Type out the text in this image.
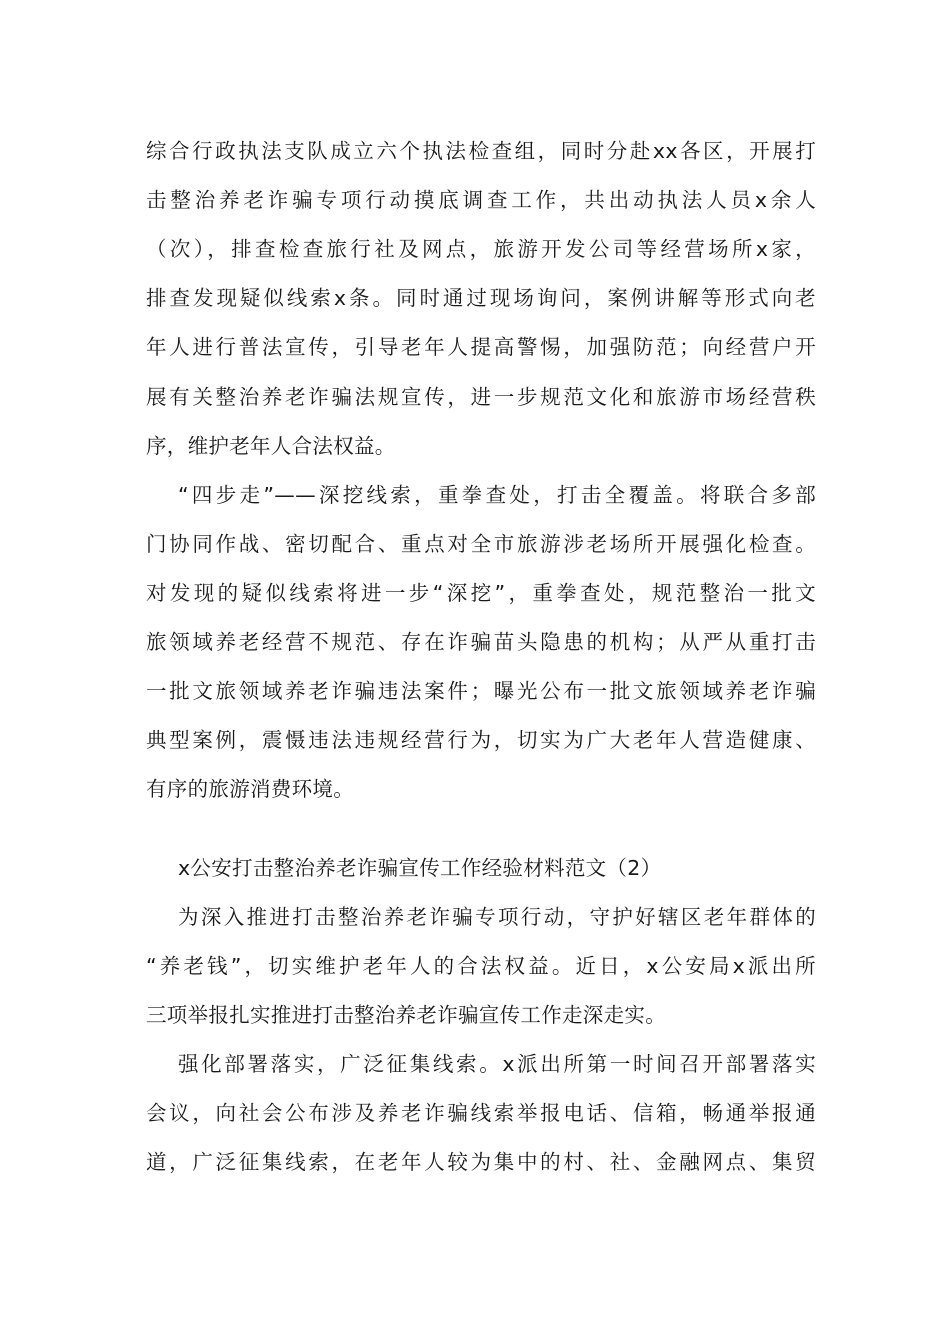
综合行政执法支队成立六个执法检查组，同时分赴xx各区，开展打
击整治养老诈骗专项行动摸底调查工作，共出动执法人员x余人
（次），排查检查旅行社及网点，旅游开发公司等经营场所x家，
排查发现疑似线索x条。同时通过现场询问，案例讲解等形式向老
年人进行普法宣传，引导老年人提高警惕，加强防范；向经营户开
展有关整治养老诈骗法规宣传，进一步规范文化和旅游市场经营秩
序，维护老年人合法权益。
“四步走”——深挖线索，重拳查处，打击全覆盖。将联合多部
门协同作战、密切配合、重点对全市旅游涉老场所开展强化检查。
对发现的疑似线索将进一步“深挖”，重拳查处，规范整治一批文
旅领域养老经营不规范、存在诈骗苗头隐患的机构；从严从重打击
一批文旅领域养老诈骗违法案件；曝光公布一批文旅领域养老诈骗
典型案例，震慑违法违规经营行为，切实为广大老年人营造健康、
有序的旅游消费环境。
x公安打击整治养老诈骗宣传工作经验材料范文（2）
为深入推进打击整治养老诈骗专项行动，守护好辖区老年群体的
“养老钱”，切实维护老年人的合法权益。近日，x公安局x派出所
三项举报扎实推进打击整治养老诈骗宣传工作走深走实。
强化部署落实，广泛征集线索。x派出所第一时间召开部署落实
会议，向社会公布涉及养老诈骗线索举报电话、信箱，畅通举报通
道，广泛征集线索，在老年人较为集中的村、社、金融网点、集贸
